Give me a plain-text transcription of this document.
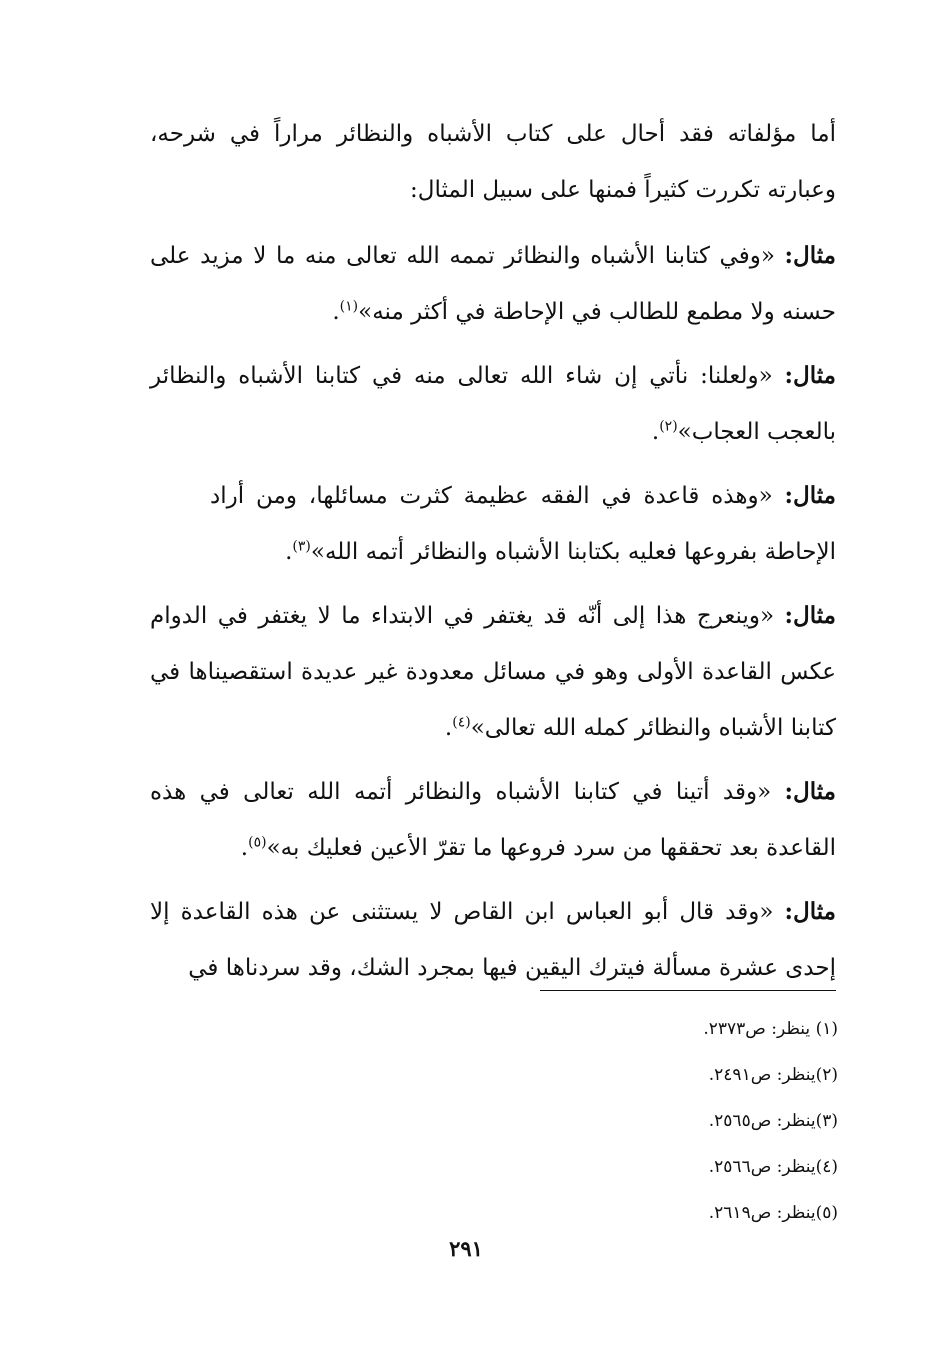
أما مؤلفاته فقد أحال على كتاب الأشباه والنظائر مراراً في شرحه، وعبارته تكررت كثيراً فمنها على سبيل المثال:

مثال: «وفي كتابنا الأشباه والنظائر تممه الله تعالى منه ما لا مزيد على حسنه ولا مطمع للطالب في الإحاطة في أكثر منه»$^{(١)}$.

مثال: «ولعلنا: نأتي إن شاء الله تعالى منه في كتابنا الأشباه والنظائر بالعجب العجاب»$^{(٢)}$.

مثال: «وهذه قاعدة في الفقه عظيمة كثرت مسائلها، ومن أراد الإحاطة بفروعها فعليه بكتابنا الأشباه والنظائر أتمه الله»$^{(٣)}$.

مثال: «وينعرج هذا إلى أنّه قد يغتفر في الابتداء ما لا يغتفر في الدوام عكس القاعدة الأولى وهو في مسائل معدودة غير عديدة استقصيناها في كتابنا الأشباه والنظائر كمله الله تعالى»$^{(٤)}$.

مثال: «وقد أتينا في كتابنا الأشباه والنظائر أتمه الله تعالى في هذه القاعدة بعد تحققها من سرد فروعها ما تقرّ الأعين فعليك به»$^{(٥)}$.

مثال: «وقد قال أبو العباس ابن القاص لا يستثنى عن هذه القاعدة إلا إحدى عشرة مسألة فيترك اليقين فيها بمجرد الشك، وقد سردناها في

(١) ينظر: ص٢٣٧٣.

(٢)ينظر: ص٢٤٩١.

(٣)ينظر: ص٢٥٦٥.

(٤)ينظر: ص٢٥٦٦.

(٥)ينظر: ص٢٦١٩.

٢٩١
